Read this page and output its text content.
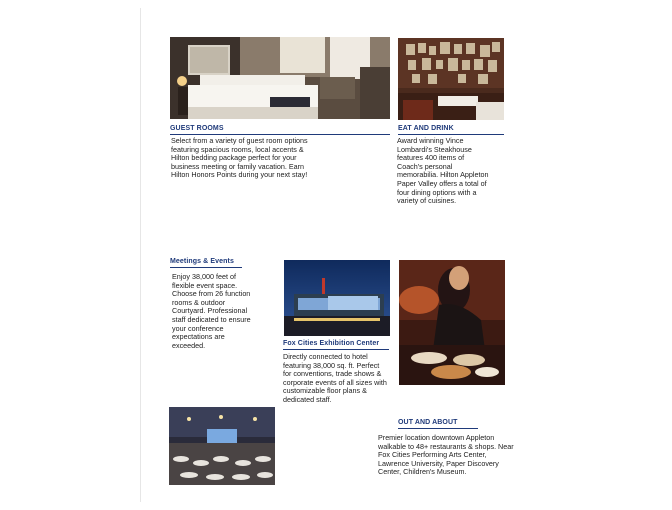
GUEST ROOMS
Select from a variety of guest room options featuring spacious rooms, local accents & Hilton bedding package perfect for your business meeting or family vacation. Earn Hilton Honors Points during your next stay!
EAT AND DRINK
Award winning Vince Lombardi's Steakhouse features 400 items of Coach's personal memorabilia. Hilton Appleton Paper Valley offers a total of four dining options with a variety of cuisines.
Meetings & Events
Enjoy 38,000 feet of flexible event space. Choose from 26 function rooms & outdoor Courtyard. Professional staff dedicated to ensure your conference expectations are exceeded.	Fox Cities Exhibition Center
Directly connected to hotel featuring 38,000 sq. ft. Perfect for conventions, trade shows & corporate events of all sizes with customizable floor plans & dedicated staff.
OUT AND ABOUT
Premier location downtown Appleton walkable to 48+ restaurants & shops. Near Fox Cities Performing Arts Center, Lawrence University, Paper Discovery Center, Children's Museum.
